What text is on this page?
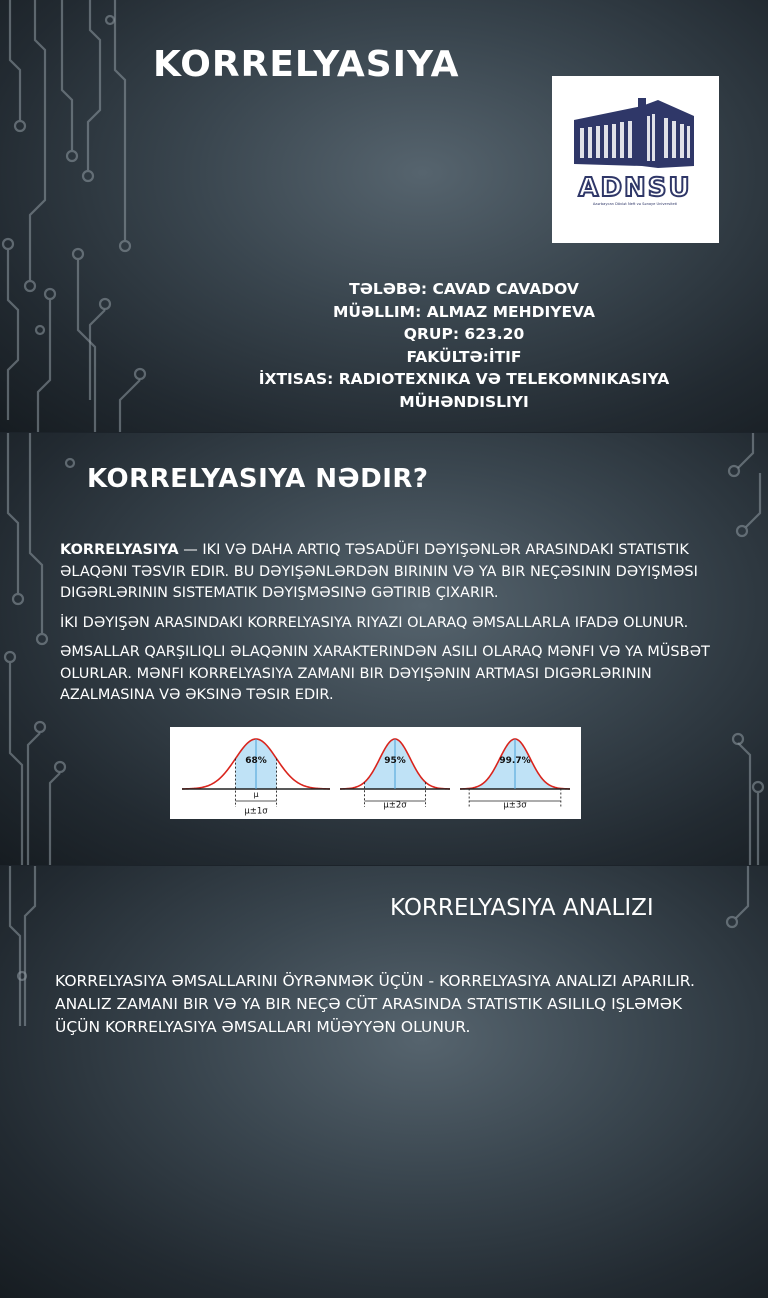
KORRELYASIYA
ADNSU
Azərbaycan Dövlət Neft və Sənaye Universiteti
TƏLƏBƏ: CAVAD CAVADOV
MÜƏLLIM: ALMAZ MEHDIYEVA
QRUP: 623.20
FAKÜLTƏ:İTIF
İXTISAS: RADIOTEXNIKA VƏ TELEKOMNIKASIYA MÜHƏNDISLIYI
KORRELYASIYA NƏDIR?

KORRELYASIYA — IKI VƏ DAHA ARTIQ TƏSADÜFI DƏYIŞƏNLƏR ARASINDAKI STATISTIK ƏLAQƏNI TƏSVIR EDIR. BU DƏYIŞƏNLƏRDƏN BIRININ VƏ YA BIR NEÇƏSININ DƏYIŞMƏSI DIGƏRLƏRININ SISTEMATIK DƏYIŞMƏSINƏ GƏTIRIB ÇIXARIR.

İKI DƏYIŞƏN ARASINDAKI KORRELYASIYA RIYAZI OLARAQ ƏMSALLARLA IFADƏ OLUNUR.

ƏMSALLAR QARŞILIQLI ƏLAQƏNIN XARAKTERINDƏN ASILI OLARAQ MƏNFI VƏ YA MÜSBƏT OLURLAR. MƏNFI KORRELYASIYA ZAMANI BIR DƏYIŞƏNIN ARTMASI DIGƏRLƏRININ AZALMASINA VƏ ƏKSINƏ TƏSIR EDIR.

68%
μ
μ±1σ
95%
μ±2σ
99.7%
μ±3σ
KORRELYASIYA ANALIZI

KORRELYASIYA ƏMSALLARINI ÖYRƏNMƏK ÜÇÜN - KORRELYASIYA ANALIZI APARILIR.

ANALIZ ZAMANI BIR VƏ YA BIR NEÇƏ CÜT ARASINDA STATISTIK ASILILQ IŞLƏMƏK

ÜÇÜN KORRELYASIYA ƏMSALLARI MÜƏYYƏN OLUNUR.
